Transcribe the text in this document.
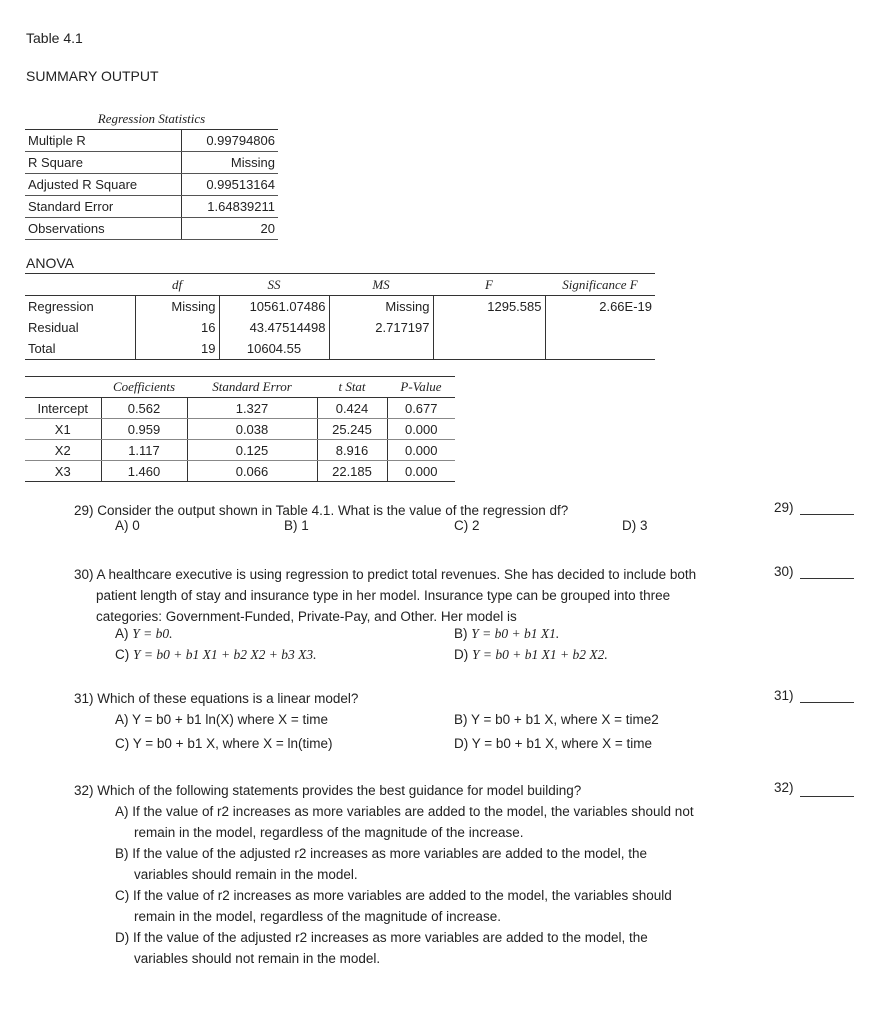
Table 4.1
SUMMARY OUTPUT
Regression Statistics	
Multiple R	0.99794806
R Square	Missing
Adjusted R Square	0.99513164
Standard Error	1.64839211
Observations	20
ANOVA
	df	SS	MS	F	Significance F
Regression	Missing	10561.07486	Missing	1295.585	2.66E-19
Residual	16	43.47514498	2.717197		
Total	19	10604.55			
	Coefficients	Standard Error	t Stat	P-Value
Intercept	0.562	1.327	0.424	0.677
X1	0.959	0.038	25.245	0.000
X2	1.117	0.125	8.916	0.000
X3	1.460	0.066	22.185	0.000
29) Consider the output shown in Table 4.1. What is the value of the regression df?
A) 0	B) 1	C) 2	D) 3
29)
30) A healthcare executive is using regression to predict total revenues. She has decided to include both
patient length of stay and insurance type in her model. Insurance type can be grouped into three
categories: Government-Funded, Private-Pay, and Other. Her model is
A) Y = b0.	B) Y = b0 + b1 X1.
C) Y = b0 + b1 X1 + b2 X2 + b3 X3.	D) Y = b0 + b1 X1 + b2 X2.
30)
31) Which of these equations is a linear model?
A) Y = b0 + b1 ln(X) where X = time	B) Y = b0 + b1 X, where X = time2
C) Y = b0 + b1 X, where X = ln(time)	D) Y = b0 + b1 X, where X = time
31)
32) Which of the following statements provides the best guidance for model building?
A) If the value of r2 increases as more variables are added to the model, the variables should not
remain in the model, regardless of the magnitude of the increase.
B) If the value of the adjusted r2 increases as more variables are added to the model, the
variables should remain in the model.
C) If the value of r2 increases as more variables are added to the model, the variables should
remain in the model, regardless of the magnitude of increase.
D) If the value of the adjusted r2 increases as more variables are added to the model, the
variables should not remain in the model.
32)
